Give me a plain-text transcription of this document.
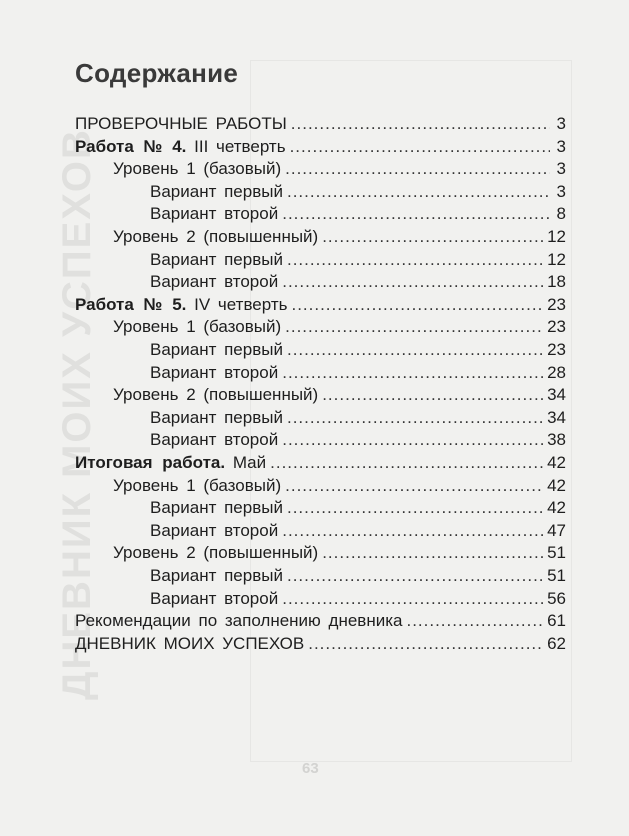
ДНЕВНИК МОИХ УСПЕХОВ
63
Содержание
ПРОВЕРОЧНЫЕ РАБОТЫ .....	3
Работа № 4. III четверть .....	3
Уровень 1 (базовый) .....	3
Вариант первый .....	3
Вариант второй .....	8
Уровень 2 (повышенный) .....	12
Вариант первый .....	12
Вариант второй .....	18
Работа № 5. IV четверть .....	23
Уровень 1 (базовый) .....	23
Вариант первый .....	23
Вариант второй .....	28
Уровень 2 (повышенный) .....	34
Вариант первый .....	34
Вариант второй .....	38
Итоговая работа. Май .....	42
Уровень 1 (базовый) .....	42
Вариант первый .....	42
Вариант второй .....	47
Уровень 2 (повышенный) .....	51
Вариант первый .....	51
Вариант второй .....	56
Рекомендации по заполнению дневника .....	61
ДНЕВНИК МОИХ УСПЕХОВ .....	62
